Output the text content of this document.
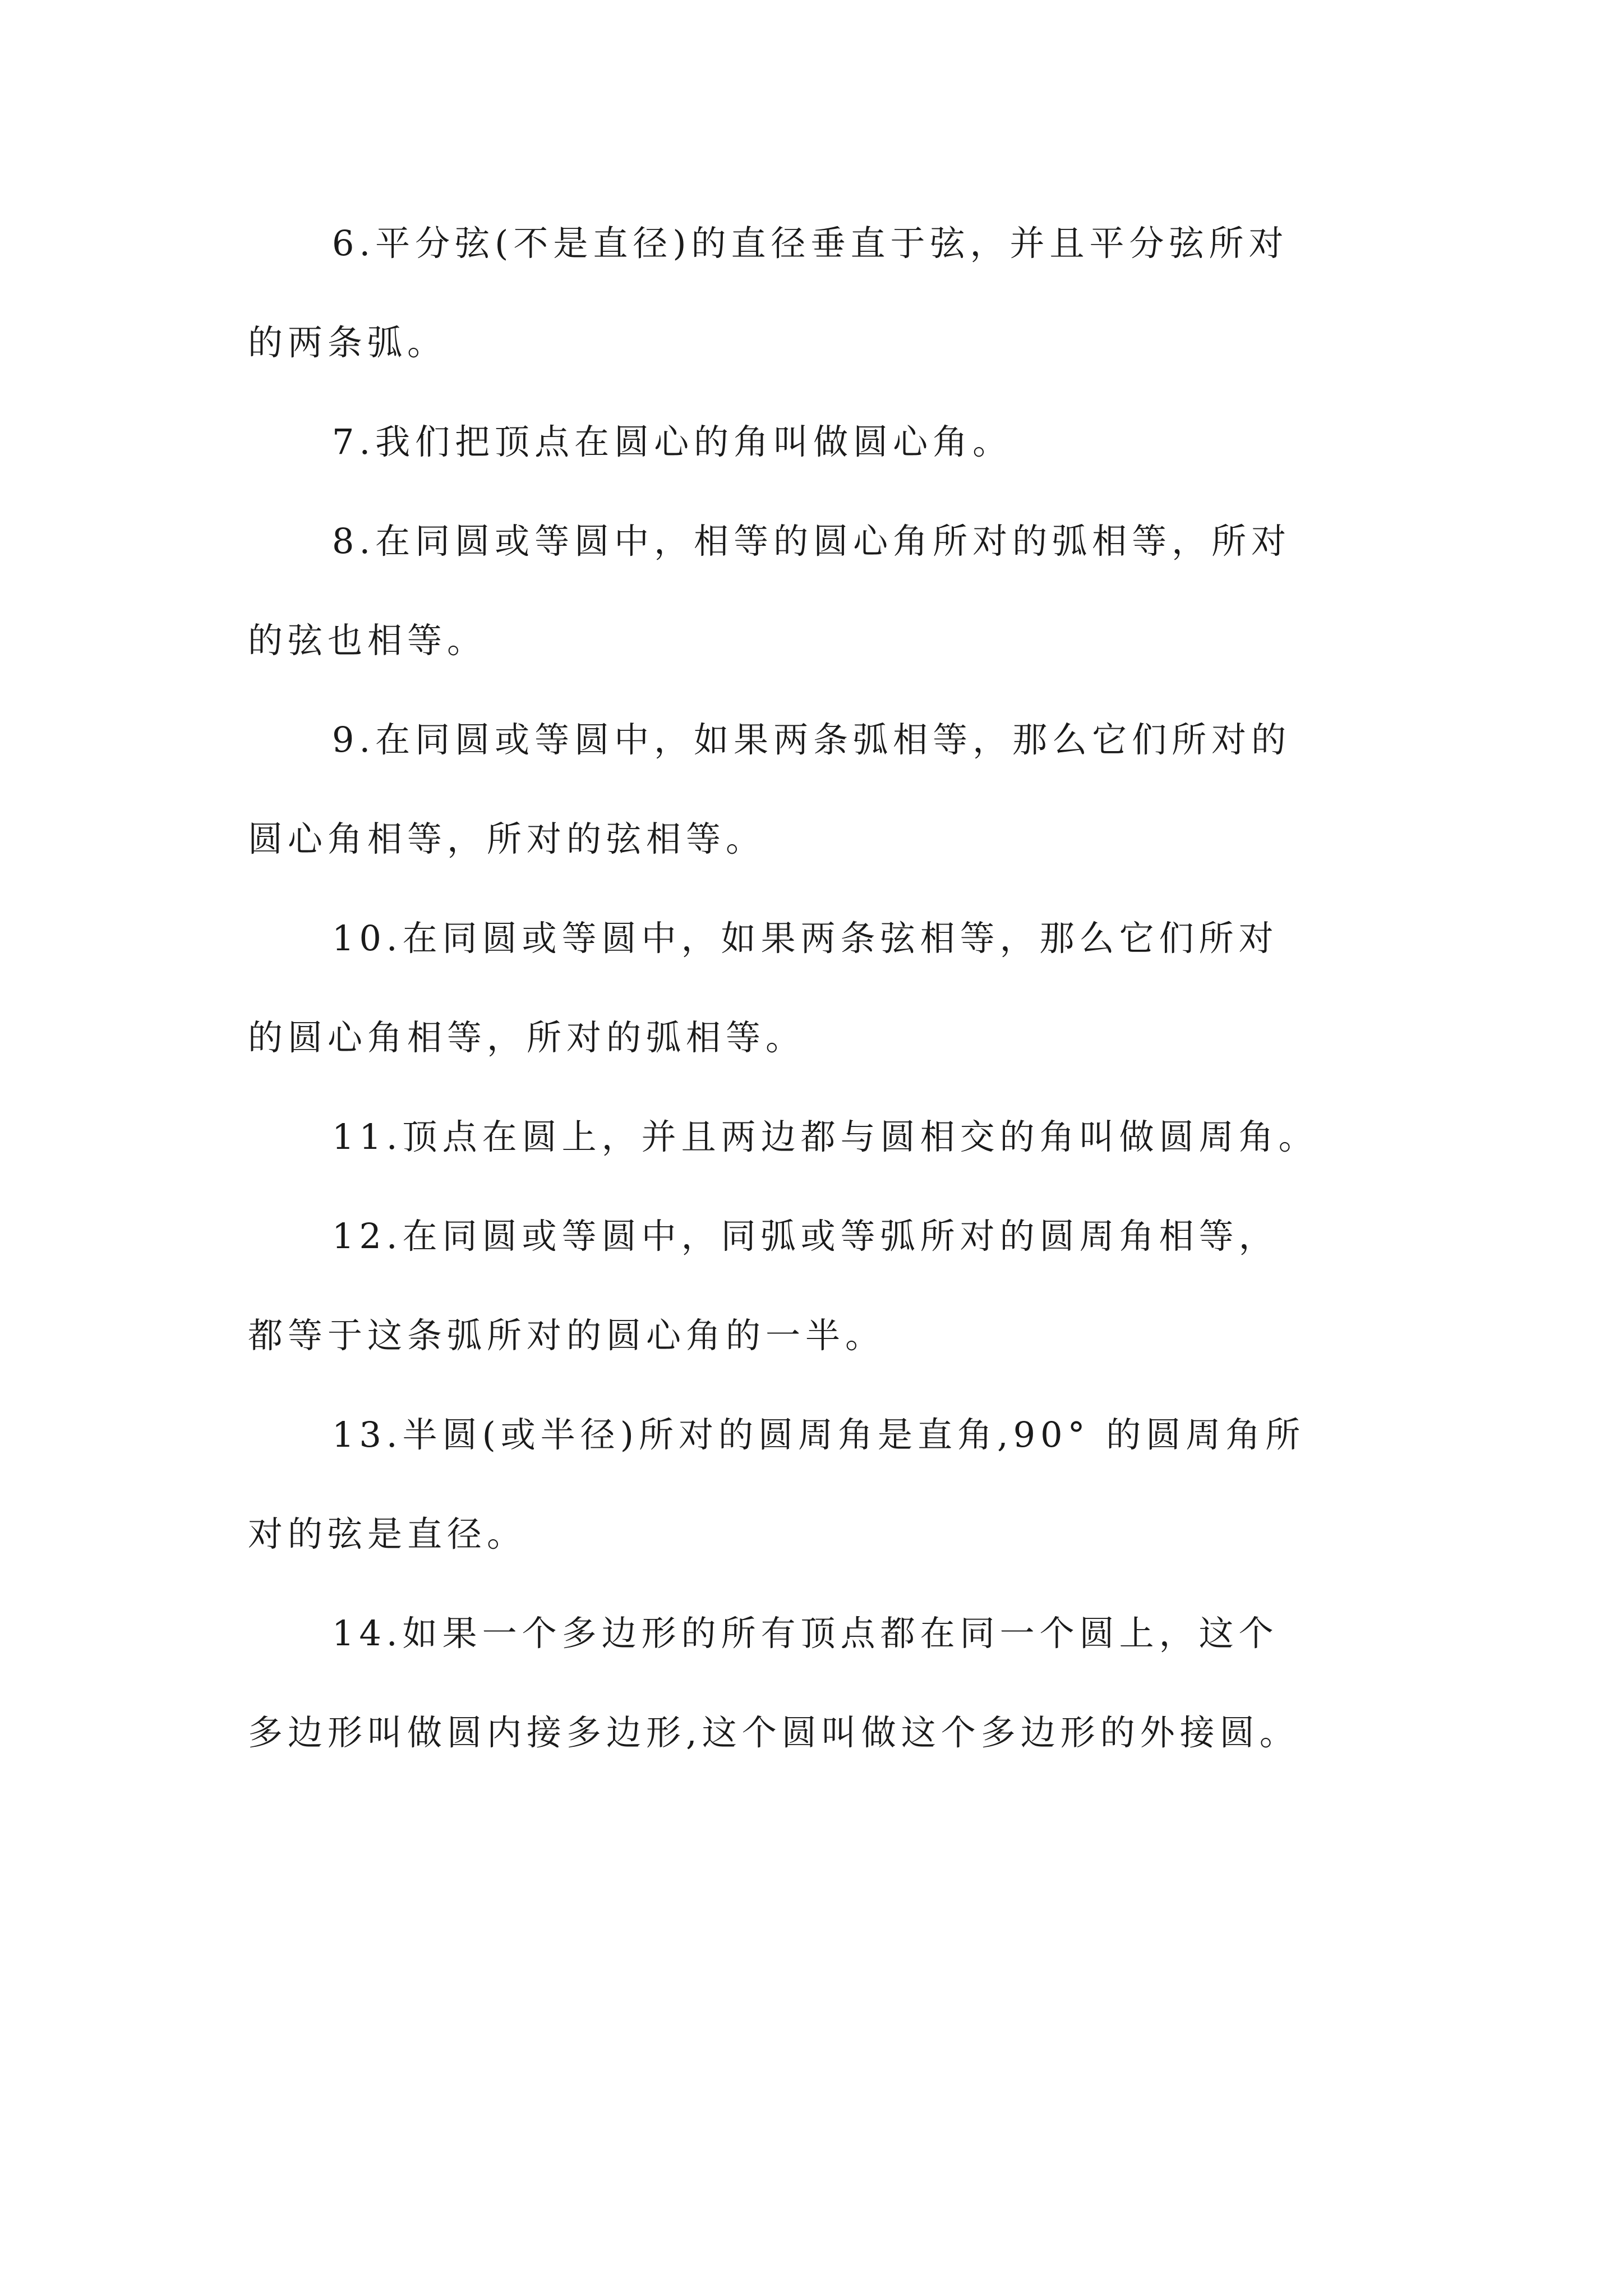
6.平分弦(不是直径)的直径垂直于弦，并且平分弦所对
的两条弧。
7.我们把顶点在圆心的角叫做圆心角。
8.在同圆或等圆中，相等的圆心角所对的弧相等，所对
的弦也相等。
9.在同圆或等圆中，如果两条弧相等，那么它们所对的
圆心角相等，所对的弦相等。
10.在同圆或等圆中，如果两条弦相等，那么它们所对
的圆心角相等，所对的弧相等。
11.顶点在圆上，并且两边都与圆相交的角叫做圆周角。
12.在同圆或等圆中，同弧或等弧所对的圆周角相等，
都等于这条弧所对的圆心角的一半。
13.半圆(或半径)所对的圆周角是直角,90° 的圆周角所
对的弦是直径。
14.如果一个多边形的所有顶点都在同一个圆上，这个
多边形叫做圆内接多边形,这个圆叫做这个多边形的外接圆。
